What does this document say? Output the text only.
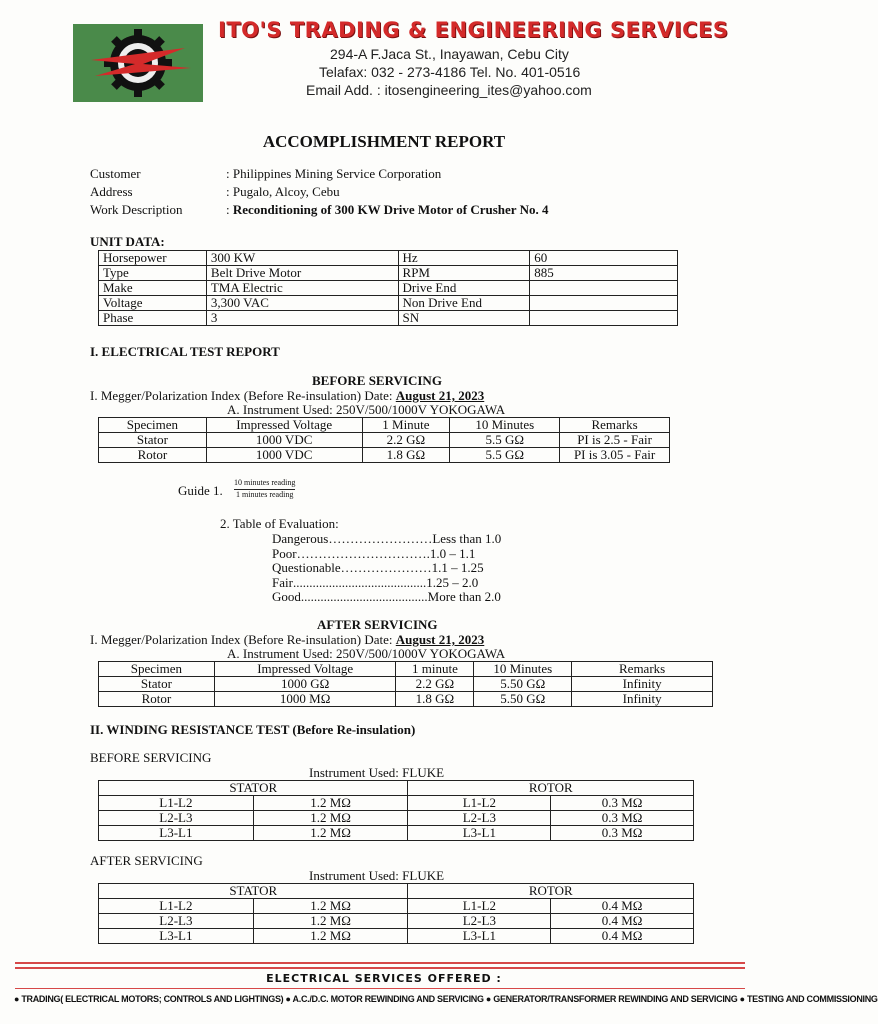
ITO'S TRADING & ENGINEERING SERVICES
294-A F.Jaca St., Inayawan, Cebu City
Telafax: 032 - 273-4186 Tel. No. 401-0516
Email Add. : itosengineering_ites@yahoo.com
ACCOMPLISHMENT REPORT
Customer	: Philippines Mining Service Corporation
Address	: Pugalo, Alcoy, Cebu
Work Description	: Reconditioning of 300 KW Drive Motor of Crusher No. 4
UNIT DATA:
Horsepower	300 KW	Hz	60
Type	Belt Drive Motor	RPM	885
Make	TMA Electric	Drive End	
Voltage	3,300 VAC	Non Drive End	
Phase	3	SN	
I. ELECTRICAL TEST REPORT
BEFORE SERVICING
I. Megger/Polarization Index (Before Re-insulation) Date: August 21, 2023
A. Instrument Used: 250V/500/1000V YOKOGAWA
Specimen	Impressed Voltage	1 Minute	10 Minutes	Remarks
Stator	1000 VDC	2.2 GΩ	5.5 GΩ	PI is 2.5 - Fair
Rotor	1000 VDC	1.8 GΩ	5.5 GΩ	PI is 3.05 - Fair
Guide 1.
10 minutes reading
1 minutes reading
2. Table of Evaluation:
Dangerous……………………Less than 1.0
Poor………………………….1.0 – 1.1
Questionable…………………1.1 – 1.25
Fair.........................................1.25 – 2.0
Good.......................................More than 2.0
AFTER SERVICING
I. Megger/Polarization Index (Before Re-insulation) Date: August 21, 2023
A. Instrument Used: 250V/500/1000V YOKOGAWA
Specimen	Impressed Voltage	1 minute	10 Minutes	Remarks
Stator	1000 GΩ	2.2 GΩ	5.50 GΩ	Infinity
Rotor	1000 MΩ	1.8 GΩ	5.50 GΩ	Infinity
II. WINDING RESISTANCE TEST (Before Re-insulation)
BEFORE SERVICING
Instrument Used: FLUKE
STATOR		ROTOR	
L1-L2	1.2 MΩ	L1-L2	0.3 MΩ
L2-L3	1.2 MΩ	L2-L3	0.3 MΩ
L3-L1	1.2 MΩ	L3-L1	0.3 MΩ
AFTER SERVICING
Instrument Used: FLUKE
STATOR		ROTOR	
L1-L2	1.2 MΩ	L1-L2	0.4 MΩ
L2-L3	1.2 MΩ	L2-L3	0.4 MΩ
L3-L1	1.2 MΩ	L3-L1	0.4 MΩ
ELECTRICAL SERVICES OFFERED :
● TRADING( ELECTRICAL MOTORS; CONTROLS AND LIGHTINGS) ● A.C./D.C. MOTOR REWINDING AND SERVICING ● GENERATOR/TRANSFORMER REWINDING AND SERVICING ● TESTING AND COMMISSIONING
